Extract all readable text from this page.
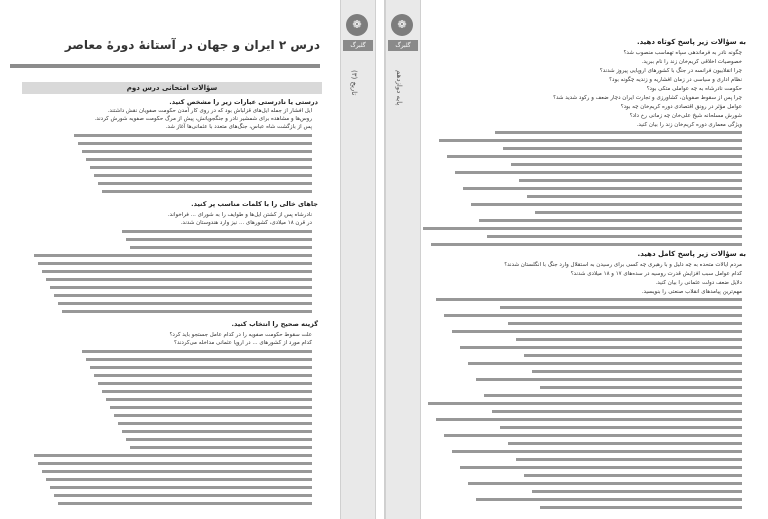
❁
گلبرگ
تاریخ (۳)
درس ۲ ایران و جهان در آستانهٔ دورهٔ معاصر
سؤالات امتحانی درس دوم
درستی یا نادرستی عبارات زیر را مشخص کنید.
ایل افشار از جمله ایل‌های قزلباش بود که در روی کار آمدن حکومت صفویان نقش داشتند.
روس‌ها و مشاهده برای شمشیر نادر و جنگجویانش، پیش از مرگ حکومت صفویه شورش کردند.
پس از بازگشت شاه عباس، جنگ‌های متعدد با عثمانی‌ها آغاز شد.
جاهای خالی را با کلمات مناسب پر کنید.
نادرشاه پس از کشتن ایل‌ها و طوایف را به شورای ... فراخواند.
در قرن ۱۸ میلادی، کشورهای ... نیز وارد هندوستان شدند.
گزینه صحیح را انتخاب کنید.
علت سقوط حکومت صفویه را در کدام عامل جستجو باید کرد؟
کدام مورد از کشورهای ... در اروپا عثمانی مداخله می‌کردند؟
❁
گلبرگ
پایه دوازدهم
به سؤالات زیر پاسخ کوتاه دهید.
چگونه نادر به فرماندهی سپاه تهماسب منصوب شد؟
خصوصیات اخلاقی کریم‌خان زند را نام ببرید.
چرا انقلابیون فرانسه در جنگ با کشورهای اروپایی پیروز شدند؟
نظام اداری و سیاسی در زمان افشاریه و زندیه چگونه بود؟
حکومت نادرشاه به چه عواملی متکی بود؟
چرا پس از سقوط صفویان، کشاورزی و تجارت ایران دچار ضعف و رکود شدید شد؟
عوامل مؤثر در رونق اقتصادی دوره کریم‌خان چه بود؟
شورش مسلحانه شیخ علی‌خان چه زمانی رخ داد؟
ویژگی معماری دوره کریم‌خان زند را بیان کنید.
به سؤالات زیر پاسخ کامل دهید.
مردم ایالات متحده به چه دلیل و با رهبری چه کسی برای رسیدن به استقلال وارد جنگ با انگلستان شدند؟
کدام عوامل سبب افزایش قدرت روسیه در سده‌های ۱۷ و ۱۸ میلادی شدند؟
دلایل ضعف دولت عثمانی را بیان کنید.
مهم‌ترین پیامدهای انقلاب صنعتی را بنویسید.
